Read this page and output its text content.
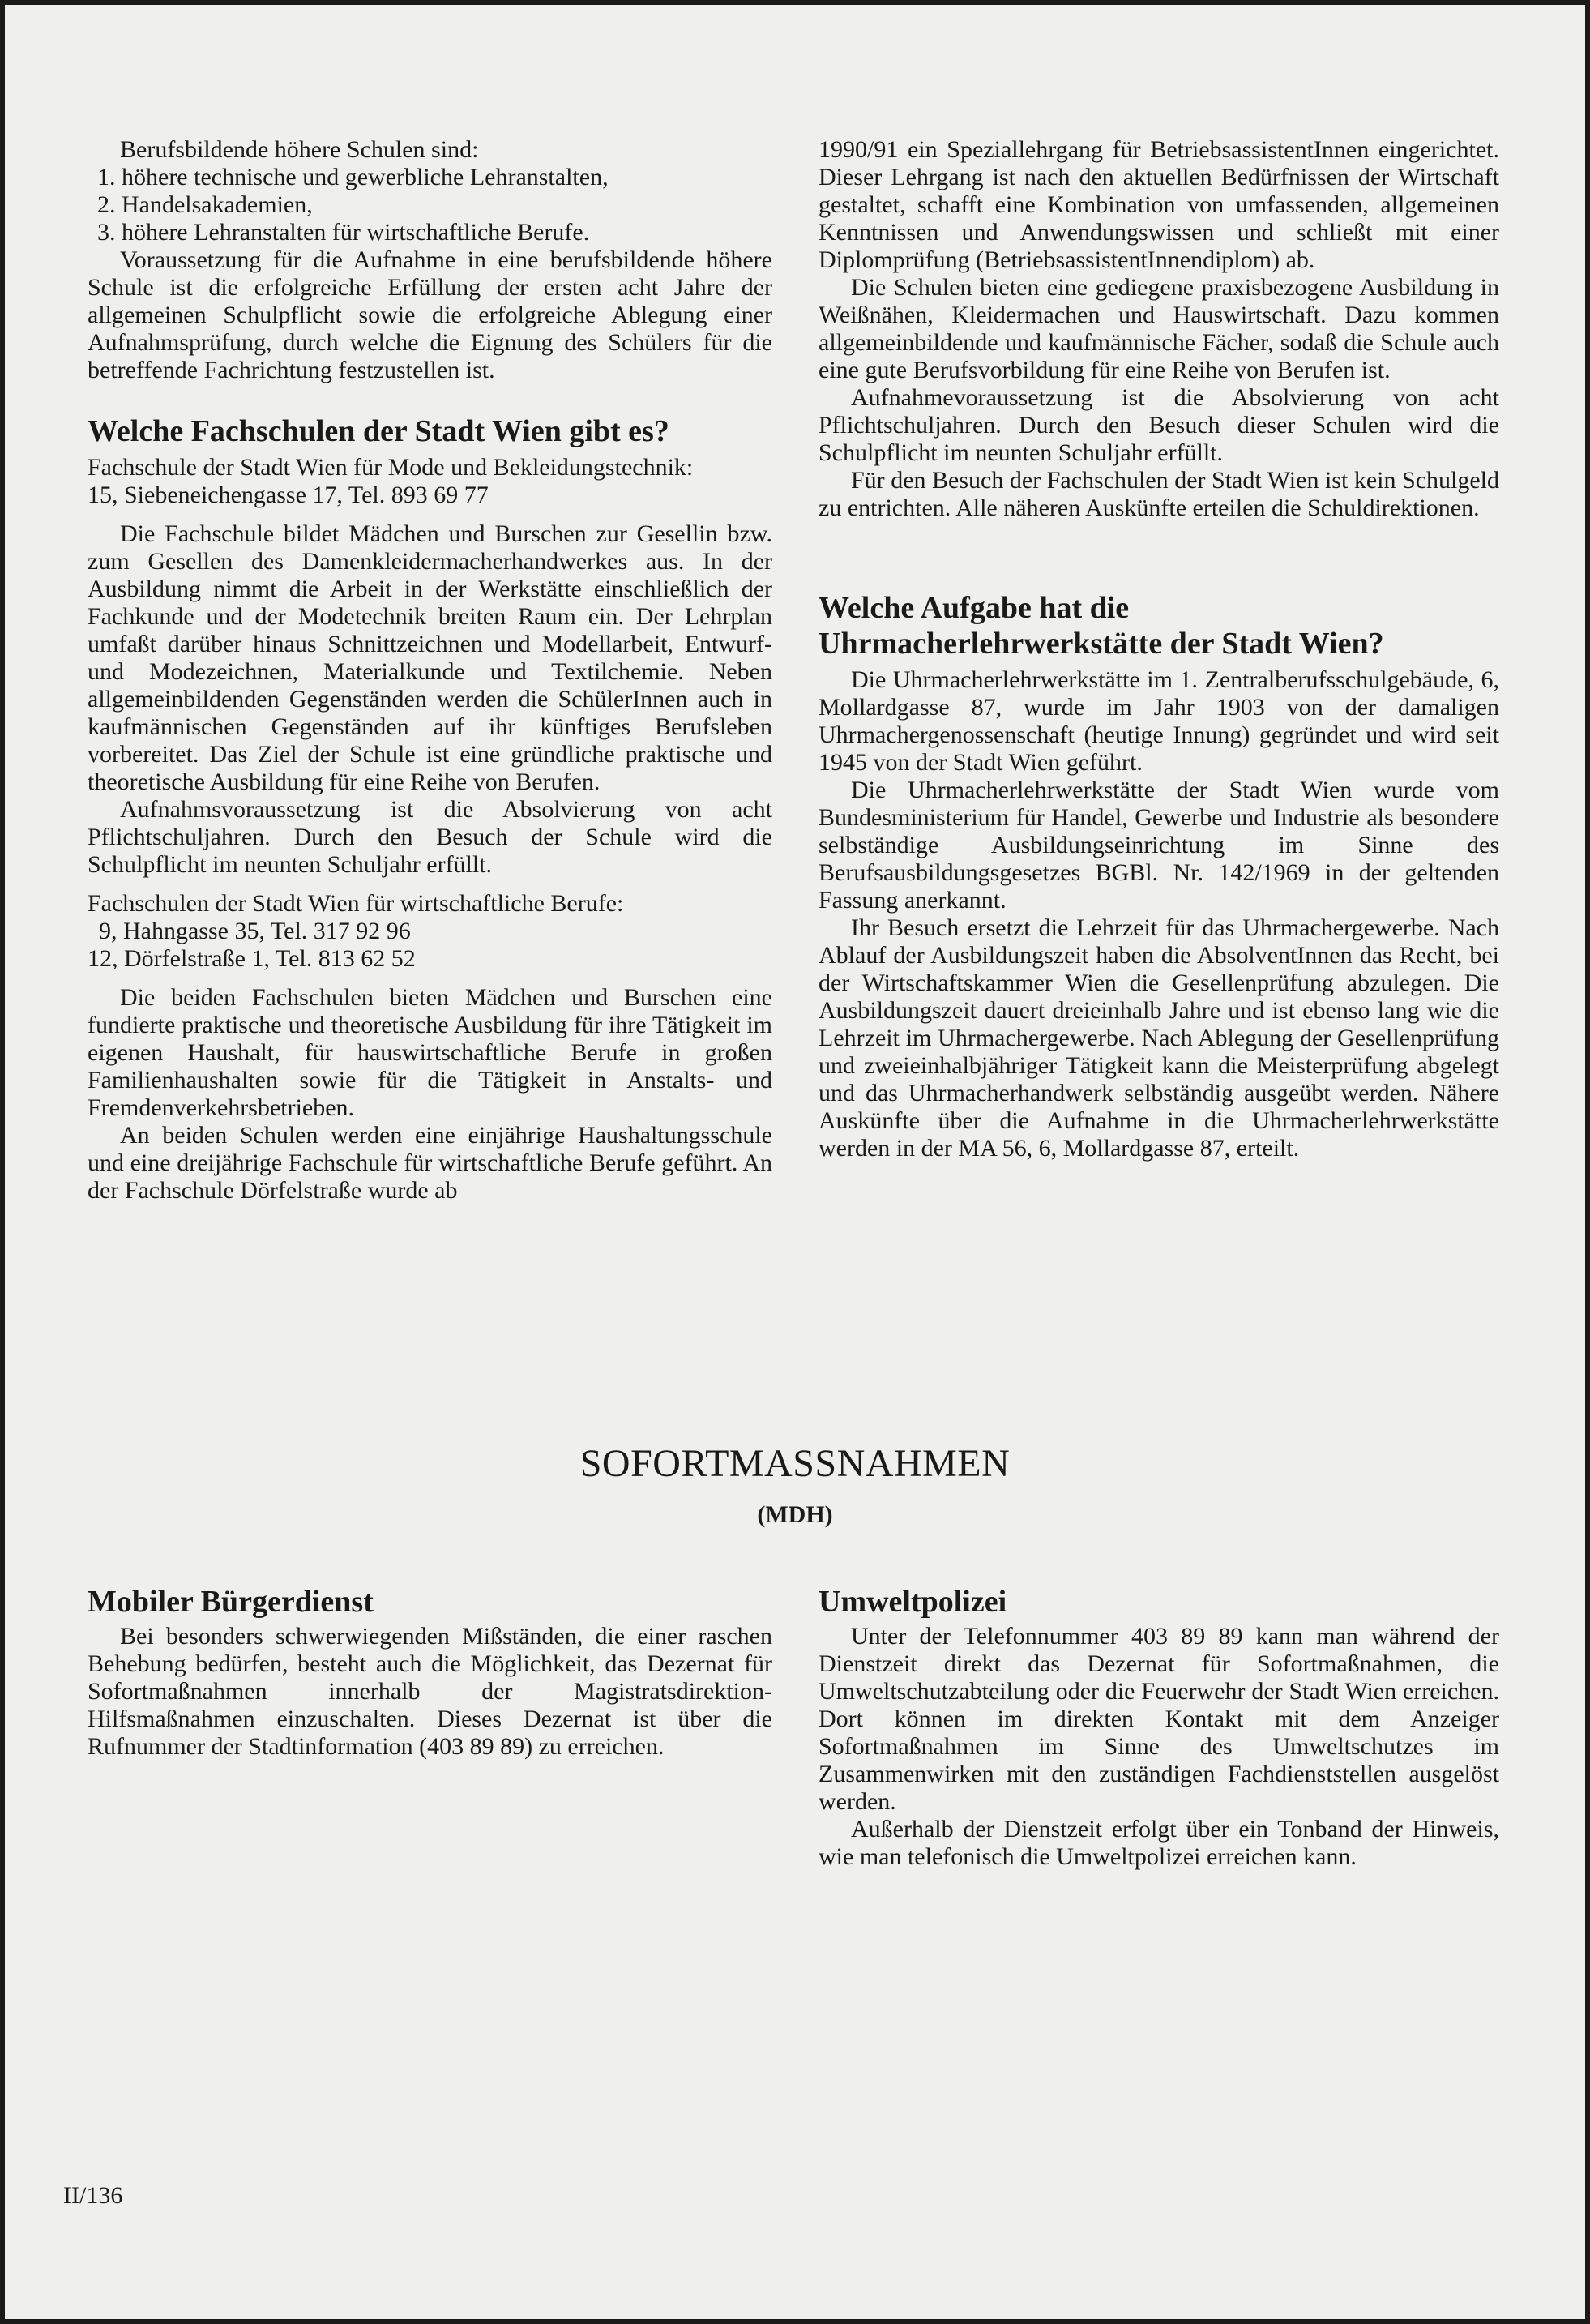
Berufsbildende höhere Schulen sind:

1. höhere technische und gewerbliche Lehranstalten,
2. Handelsakademien,
3. höhere Lehranstalten für wirtschaftliche Berufe.

Voraussetzung für die Aufnahme in eine berufsbildende höhere Schule ist die erfolgreiche Erfüllung der ersten acht Jahre der allgemeinen Schulpflicht sowie die erfolgreiche Ablegung einer Aufnahmsprüfung, durch welche die Eignung des Schülers für die betreffende Fachrichtung festzustellen ist.

Welche Fachschulen der Stadt Wien gibt es?

Fachschule der Stadt Wien für Mode und Bekleidungstechnik:

15, Siebeneichengasse 17, Tel. 893 69 77

Die Fachschule bildet Mädchen und Burschen zur Gesellin bzw. zum Gesellen des Damenkleidermacherhandwerkes aus. In der Ausbildung nimmt die Arbeit in der Werkstätte einschließlich der Fachkunde und der Modetechnik breiten Raum ein. Der Lehrplan umfaßt darüber hinaus Schnittzeichnen und Modellarbeit, Entwurf- und Modezeichnen, Materialkunde und Textilchemie. Neben allgemeinbildenden Gegenständen werden die SchülerInnen auch in kaufmännischen Gegenständen auf ihr künftiges Berufsleben vorbereitet. Das Ziel der Schule ist eine gründliche praktische und theoretische Ausbildung für eine Reihe von Berufen.

Aufnahmsvoraussetzung ist die Absolvierung von acht Pflichtschuljahren. Durch den Besuch der Schule wird die Schulpflicht im neunten Schuljahr erfüllt.

Fachschulen der Stadt Wien für wirtschaftliche Berufe:

9, Hahngasse 35, Tel. 317 92 96

12, Dörfelstraße 1, Tel. 813 62 52

Die beiden Fachschulen bieten Mädchen und Burschen eine fundierte praktische und theoretische Ausbildung für ihre Tätigkeit im eigenen Haushalt, für hauswirtschaftliche Berufe in großen Familienhaushalten sowie für die Tätigkeit in Anstalts- und Fremdenverkehrsbetrieben.

An beiden Schulen werden eine einjährige Haushaltungsschule und eine dreijährige Fachschule für wirtschaftliche Berufe geführt. An der Fachschule Dörfelstraße wurde ab

1990/91 ein Speziallehrgang für BetriebsassistentInnen eingerichtet. Dieser Lehrgang ist nach den aktuellen Bedürfnissen der Wirtschaft gestaltet, schafft eine Kombination von umfassenden, allgemeinen Kenntnissen und Anwendungswissen und schließt mit einer Diplomprüfung (BetriebsassistentInnendiplom) ab.

Die Schulen bieten eine gediegene praxisbezogene Ausbildung in Weißnähen, Kleidermachen und Hauswirtschaft. Dazu kommen allgemeinbildende und kaufmännische Fächer, sodaß die Schule auch eine gute Berufsvorbildung für eine Reihe von Berufen ist.

Aufnahmevoraussetzung ist die Absolvierung von acht Pflichtschuljahren. Durch den Besuch dieser Schulen wird die Schulpflicht im neunten Schuljahr erfüllt.

Für den Besuch der Fachschulen der Stadt Wien ist kein Schulgeld zu entrichten. Alle näheren Auskünfte erteilen die Schuldirektionen.

Welche Aufgabe hat die
Uhrmacherlehrwerkstätte der Stadt Wien?

Die Uhrmacherlehrwerkstätte im 1. Zentralberufsschulgebäude, 6, Mollardgasse 87, wurde im Jahr 1903 von der damaligen Uhrmachergenossenschaft (heutige Innung) gegründet und wird seit 1945 von der Stadt Wien geführt.

Die Uhrmacherlehrwerkstätte der Stadt Wien wurde vom Bundesministerium für Handel, Gewerbe und Industrie als besondere selbständige Ausbildungseinrichtung im Sinne des Berufsausbildungsgesetzes BGBl. Nr. 142/1969 in der geltenden Fassung anerkannt.

Ihr Besuch ersetzt die Lehrzeit für das Uhrmachergewerbe. Nach Ablauf der Ausbildungszeit haben die AbsolventInnen das Recht, bei der Wirtschaftskammer Wien die Gesellenprüfung abzulegen. Die Ausbildungszeit dauert dreieinhalb Jahre und ist ebenso lang wie die Lehrzeit im Uhrmachergewerbe. Nach Ablegung der Gesellenprüfung und zweieinhalbjähriger Tätigkeit kann die Meisterprüfung abgelegt und das Uhrmacherhandwerk selbständig ausgeübt werden. Nähere Auskünfte über die Aufnahme in die Uhrmacherlehrwerkstätte werden in der MA 56, 6, Mollardgasse 87, erteilt.

SOFORTMASSNAHMEN
(MDH)
Mobiler Bürgerdienst

Bei besonders schwerwiegenden Mißständen, die einer raschen Behebung bedürfen, besteht auch die Möglichkeit, das Dezernat für Sofortmaßnahmen innerhalb der Magistratsdirektion-Hilfsmaßnahmen einzuschalten. Dieses Dezernat ist über die Rufnummer der Stadtinformation (403 89 89) zu erreichen.

Umweltpolizei

Unter der Telefonnummer 403 89 89 kann man während der Dienstzeit direkt das Dezernat für Sofortmaßnahmen, die Umweltschutzabteilung oder die Feuerwehr der Stadt Wien erreichen. Dort können im direkten Kontakt mit dem Anzeiger Sofortmaßnahmen im Sinne des Umweltschutzes im Zusammenwirken mit den zuständigen Fachdienststellen ausgelöst werden.

Außerhalb der Dienstzeit erfolgt über ein Tonband der Hinweis, wie man telefonisch die Umweltpolizei erreichen kann.

II/136
